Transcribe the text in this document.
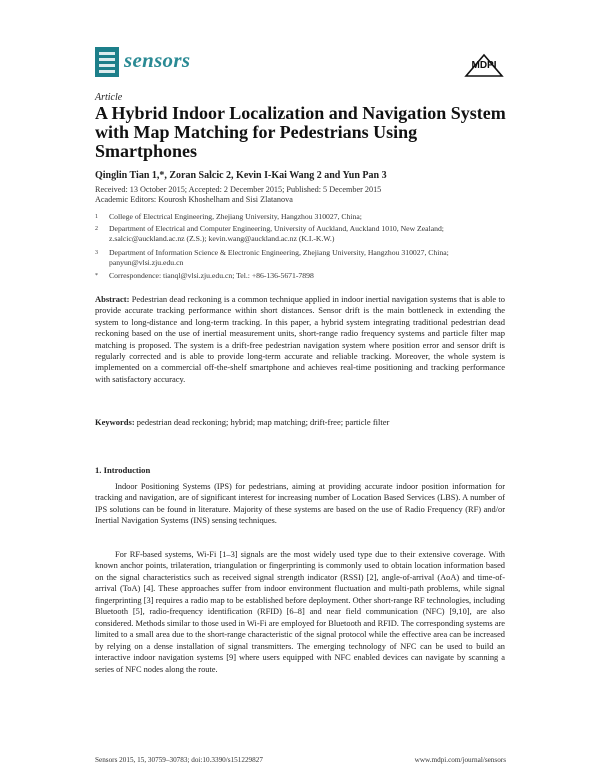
sensors	MDPI
Article
A Hybrid Indoor Localization and Navigation System with Map Matching for Pedestrians Using Smartphones
Qinglin Tian 1,*, Zoran Salcic 2, Kevin I-Kai Wang 2 and Yun Pan 3
Received: 13 October 2015; Accepted: 2 December 2015; Published: 5 December 2015
Academic Editors: Kourosh Khoshelham and Sisi Zlatanova
1 College of Electrical Engineering, Zhejiang University, Hangzhou 310027, China;
2 Department of Electrical and Computer Engineering, University of Auckland, Auckland 1010, New Zealand; z.salcic@auckland.ac.nz (Z.S.); kevin.wang@auckland.ac.nz (K.I.-K.W.)
3 Department of Information Science & Electronic Engineering, Zhejiang University, Hangzhou 310027, China; panyun@vlsi.zju.edu.cn
* Correspondence: tianql@vlsi.zju.edu.cn; Tel.: +86-136-5671-7898
Abstract: Pedestrian dead reckoning is a common technique applied in indoor inertial navigation systems that is able to provide accurate tracking performance within short distances. Sensor drift is the main bottleneck in extending the system to long-distance and long-term tracking. In this paper, a hybrid system integrating traditional pedestrian dead reckoning based on the use of inertial measurement units, short-range radio frequency systems and particle filter map matching is proposed. The system is a drift-free pedestrian navigation system where position error and sensor drift is regularly corrected and is able to provide long-term accurate and reliable tracking. Moreover, the whole system is implemented on a commercial off-the-shelf smartphone and achieves real-time positioning and tracking performance with satisfactory accuracy.
Keywords: pedestrian dead reckoning; hybrid; map matching; drift-free; particle filter
1. Introduction
Indoor Positioning Systems (IPS) for pedestrians, aiming at providing accurate indoor position information for tracking and navigation, are of significant interest for increasing number of Location Based Services (LBS). A number of IPS solutions can be found in literature. Majority of these systems are based on the use of Radio Frequency (RF) and/or Inertial Navigation Systems (INS) sensing techniques.
For RF-based systems, Wi-Fi [1–3] signals are the most widely used type due to their extensive coverage. With known anchor points, trilateration, triangulation or fingerprinting is commonly used to obtain location information based on the signal characteristics such as received signal strength indicator (RSSI) [2], angle-of-arrival (AoA) and time-of-arrival (ToA) [4]. These approaches suffer from indoor environment fluctuation and multi-path problems, while signal fingerprinting [3] requires a radio map to be established before deployment. Other short-range RF technologies, including Bluetooth [5], radio-frequency identification (RFID) [6–8] and near field communication (NFC) [9,10], are also considered. Methods similar to those used in Wi-Fi are employed for Bluetooth and RFID. The corresponding systems are limited to a small area due to the short-range characteristic of the signal protocol while the effective area can be increased by relying on a dense installation of signal transmitters. The emerging technology of NFC can be used to build an interactive indoor navigation systems [9] where users equipped with NFC enabled devices can navigate by scanning a series of NFC nodes along the route.
Sensors 2015, 15, 30759–30783; doi:10.3390/s151229827	www.mdpi.com/journal/sensors
